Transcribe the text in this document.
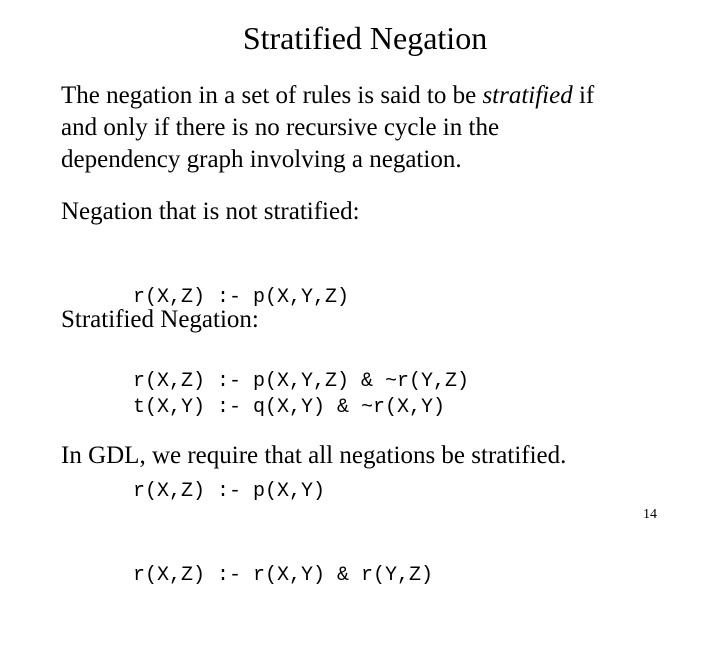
Stratified Negation

The negation in a set of rules is said to be stratified if

and only if there is no recursive cycle in the

dependency graph involving a negation.

Negation that is not stratified:

r(X,Z) :- p(X,Y,Z)

r(X,Z) :- p(X,Y,Z) & ~r(Y,Z)

Stratified Negation:

t(X,Y) :- q(X,Y) & ~r(X,Y)

r(X,Z) :- p(X,Y)

r(X,Z) :- r(X,Y) & r(Y,Z)

In GDL, we require that all negations be stratified.
14
